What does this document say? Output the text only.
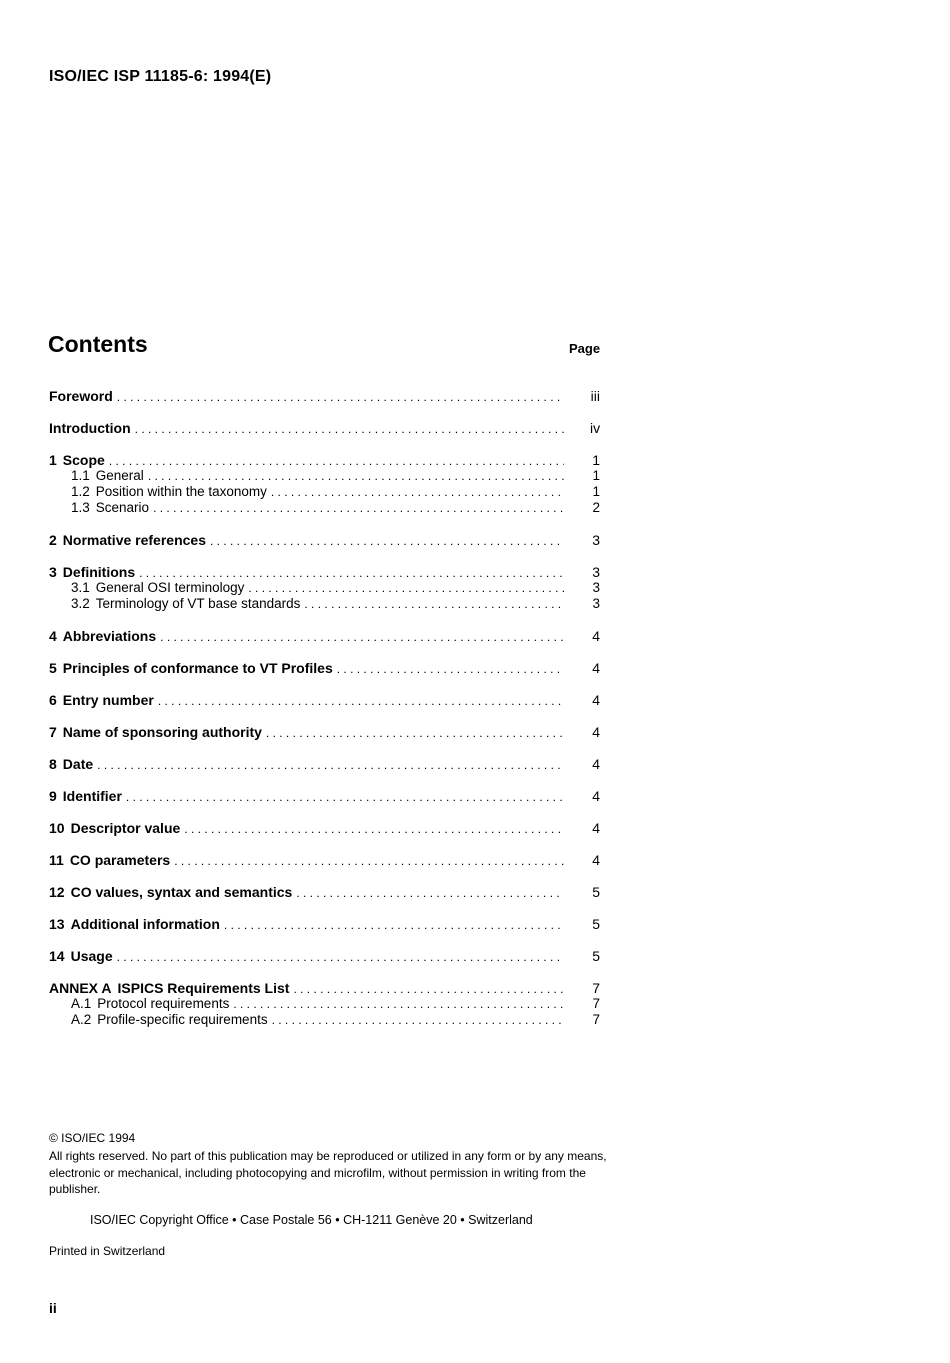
ISO/IEC ISP 11185-6: 1994(E)
Contents	Page
Foreword . . .	iii
Introduction . . .	iv
1 Scope . . .	1
1.1 General . . .	1
1.2 Position within the taxonomy . . .	1
1.3 Scenario . . .	2
2 Normative references . . .	3
3 Definitions . . .	3
3.1 General OSI terminology . . .	3
3.2 Terminology of VT base standards . . .	3
4 Abbreviations . . .	4
5 Principles of conformance to VT Profiles . . .	4
6 Entry number . . .	4
7 Name of sponsoring authority . . .	4
8 Date . . .	4
9 Identifier . . .	4
10 Descriptor value . . .	4
11 CO parameters . . .	4
12 CO values, syntax and semantics . . .	5
13 Additional information . . .	5
14 Usage . . .	5
ANNEX A ISPICS Requirements List . . .	7
A.1 Protocol requirements . . .	7
A.2 Profile-specific requirements . . .	7
© ISO/IEC 1994
All rights reserved. No part of this publication may be reproduced or utilized in any form or by any means, electronic or mechanical, including photocopying and microfilm, without permission in writing from the publisher.
ISO/IEC Copyright Office • Case Postale 56 • CH-1211 Genève 20 • Switzerland
Printed in Switzerland
ii
